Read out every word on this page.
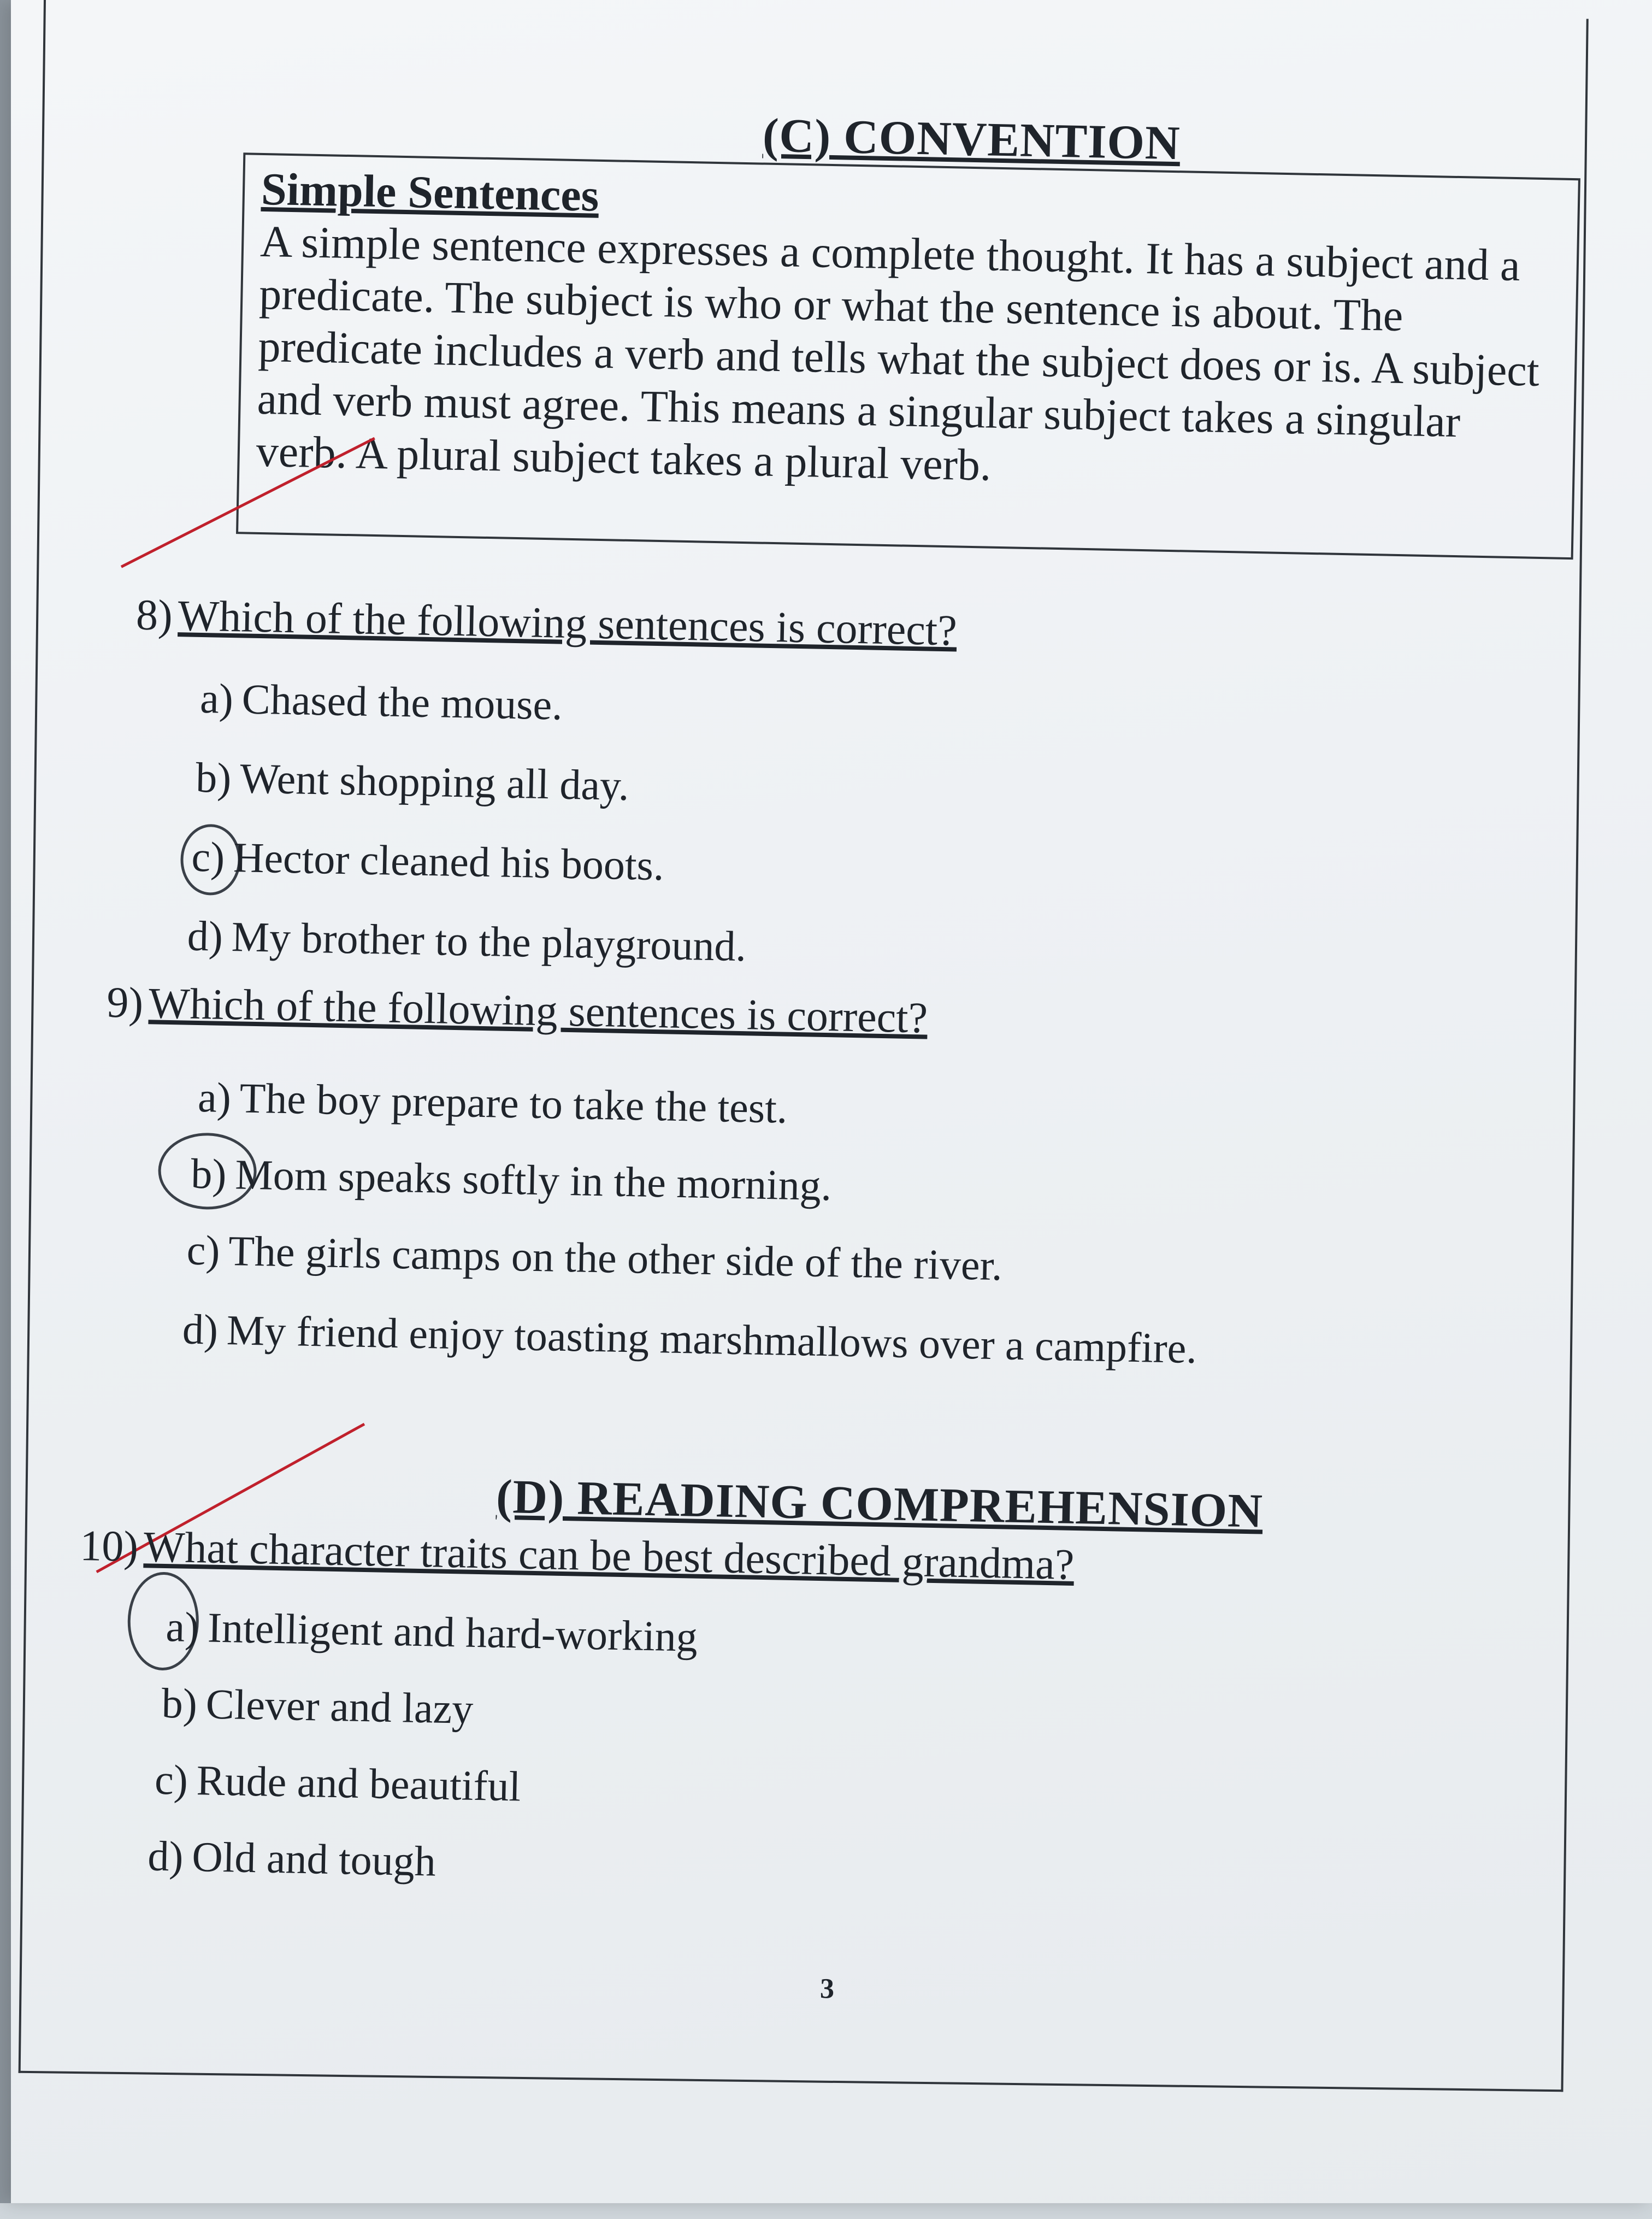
(C) CONVENTION
Simple Sentences
A simple sentence expresses a complete thought. It has a subject and a predicate. The subject is who or what the sentence is about. The predicate includes a verb and tells what the subject does or is. A subject and verb must agree. This means a singular subject takes a singular verb. A plural subject takes a plural verb.
8) Which of the following sentences is correct?
a) Chased the mouse.
b) Went shopping all day.
c) Hector cleaned his boots.
d) My brother to the playground.
9) Which of the following sentences is correct?
a) The boy prepare to take the test.
b) Mom speaks softly in the morning.
c) The girls camps on the other side of the river.
d) My friend enjoy toasting marshmallows over a campfire.
(D) READING COMPREHENSION
10) What character traits can be best described grandma?
a) Intelligent and hard-working
b) Clever and lazy
c) Rude and beautiful
d) Old and tough
3
